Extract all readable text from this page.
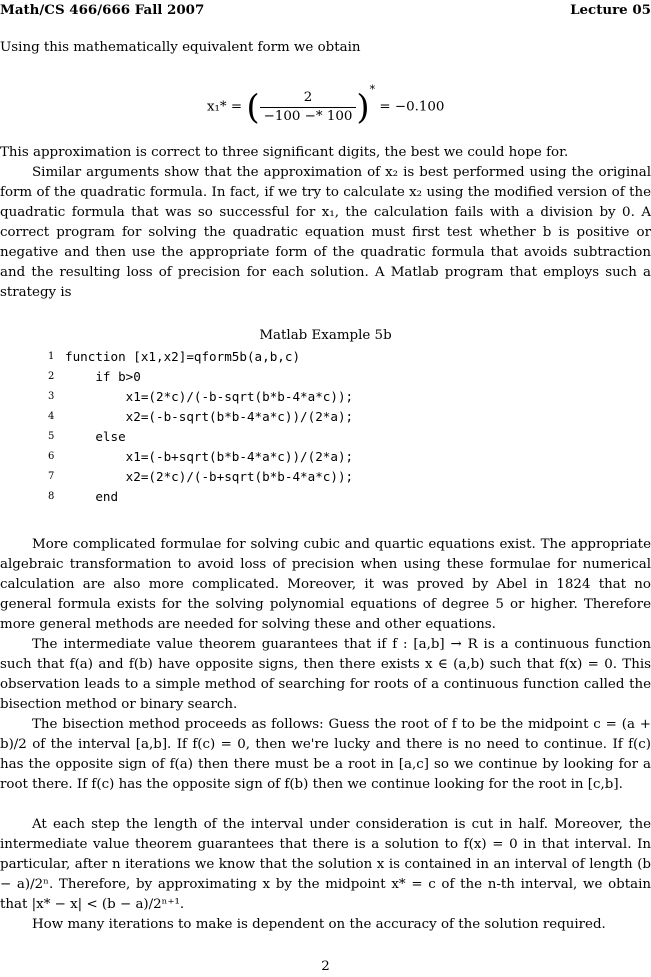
Math/CS 466/666 Fall 2007	Lecture 05

Using this mathematically equivalent form we obtain

x₁* = ( $\frac{2}{-100 -* 100} )^* = -0.100$

This approximation is correct to three significant digits, the best we could hope for.

Similar arguments show that the approximation of x₂ is best performed using the original form of the quadratic formula. In fact, if we try to calculate x₂ using the modified version of the quadratic formula that was so successful for x₁, the calculation fails with a division by 0. A correct program for solving the quadratic equation must first test whether b is positive or negative and then use the appropriate form of the quadratic formula that avoids subtraction and the resulting loss of precision for each solution. A Matlab program that employs such a strategy is

Matlab Example 5b
1 function [x1,x2]=qform5b(a,b,c)
2 if b>0
3 x1=(2*c)/(-b-sqrt(b*b-4*a*c));
4 x2=(-b-sqrt(b*b-4*a*c))/(2*a);
5 else
6 x1=(-b+sqrt(b*b-4*a*c))/(2*a);
7 x2=(2*c)/(-b+sqrt(b*b-4*a*c));
8 end

More complicated formulae for solving cubic and quartic equations exist. The appropriate algebraic transformation to avoid loss of precision when using these formulae for numerical calculation are also more complicated. Moreover, it was proved by Abel in 1824 that no general formula exists for the solving polynomial equations of degree 5 or higher. Therefore more general methods are needed for solving these and other equations.

The intermediate value theorem guarantees that if f : [a,b] → R is a continuous function such that f(a) and f(b) have opposite signs, then there exists x ∈ (a,b) such that f(x) = 0. This observation leads to a simple method of searching for roots of a continuous function called the bisection method or binary search.

The bisection method proceeds as follows: Guess the root of f to be the midpoint c = (a + b)/2 of the interval [a,b]. If f(c) = 0, then we're lucky and there is no need to continue. If f(c) has the opposite sign of f(a) then there must be a root in [a,c] so we continue by looking for a root there. If f(c) has the opposite sign of f(b) then we continue looking for the root in [c,b].

At each step the length of the interval under consideration is cut in half. Moreover, the intermediate value theorem guarantees that there is a solution to f(x) = 0 in that interval. In particular, after n iterations we know that the solution x is contained in an interval of length (b − a)/2ⁿ. Therefore, by approximating x by the midpoint x* = c of the n-th interval, we obtain that |x* − x| < (b − a)/2ⁿ⁺¹.

How many iterations to make is dependent on the accuracy of the solution required.

2
